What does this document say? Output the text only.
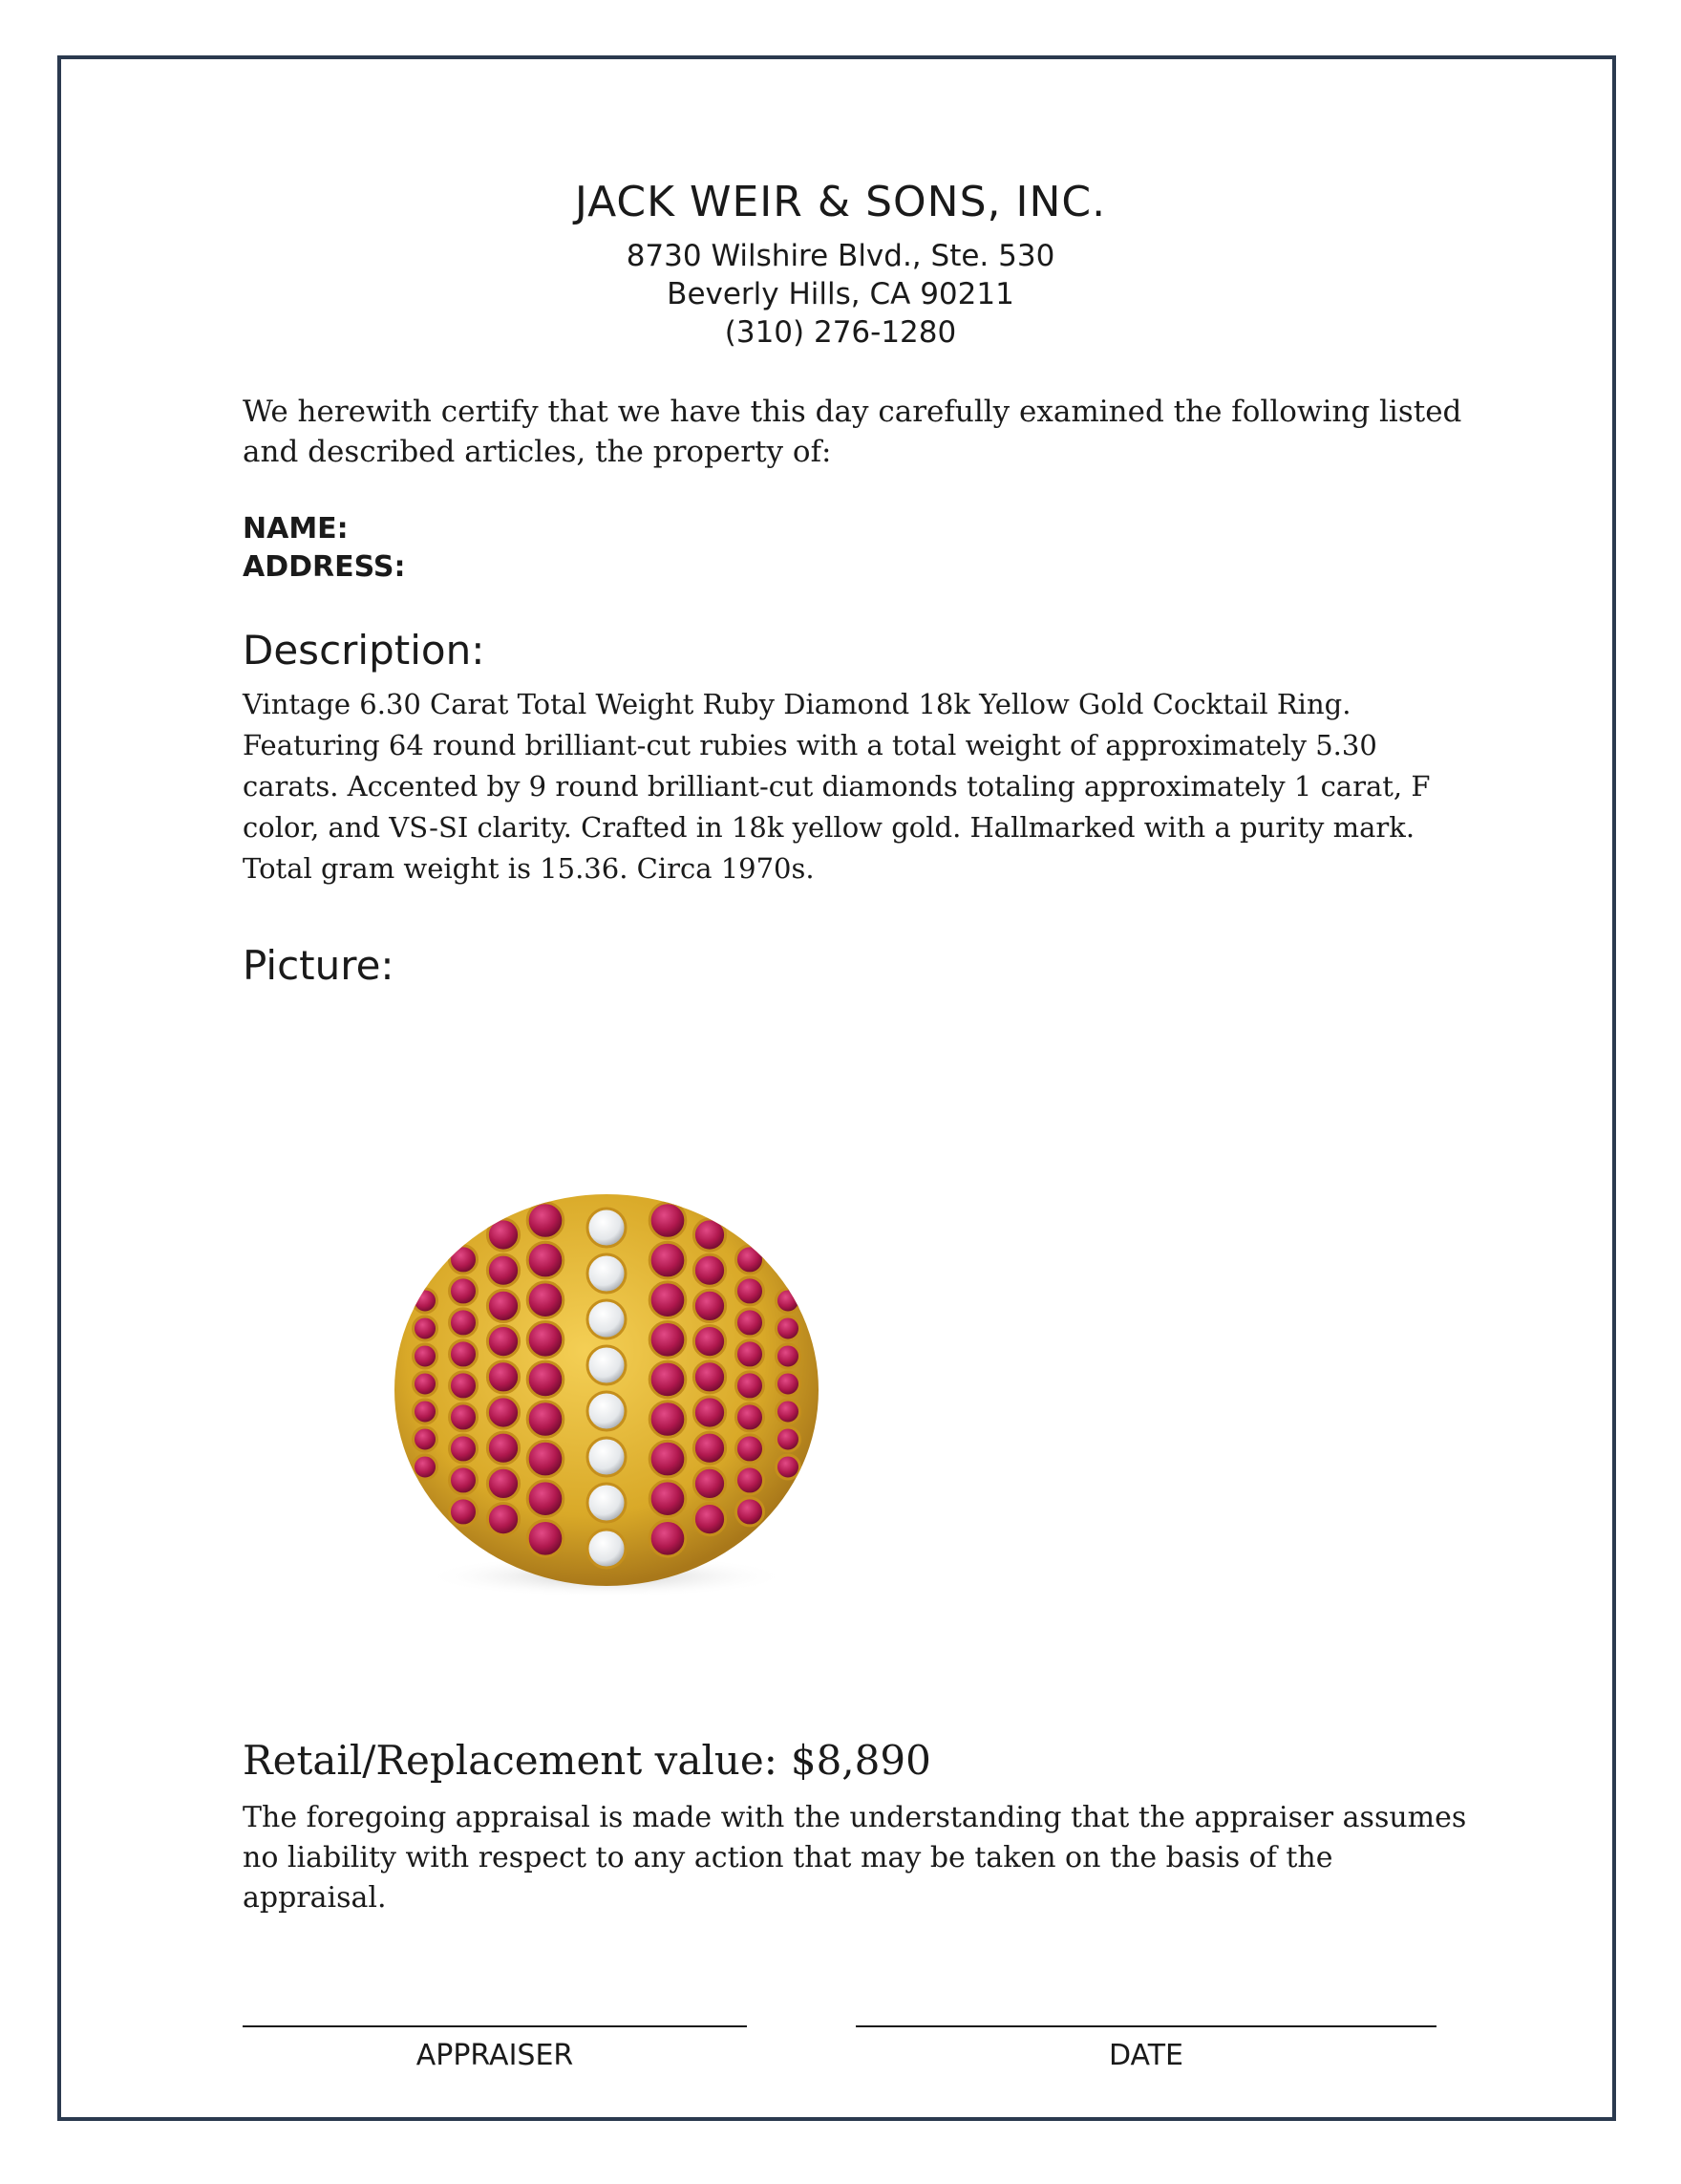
JACK WEIR & SONS, INC.
8730 Wilshire Blvd., Ste. 530
Beverly Hills, CA 90211
(310) 276-1280
We herewith certify that we have this day carefully examined the following listed and described articles, the property of:
NAME:
ADDRESS:
Description:
Vintage 6.30 Carat Total Weight Ruby Diamond 18k Yellow Gold Cocktail Ring. Featuring 64 round brilliant-cut rubies with a total weight of approximately 5.30 carats. Accented by 9 round brilliant-cut diamonds totaling approximately 1 carat, F color, and VS-SI clarity. Crafted in 18k yellow gold. Hallmarked with a purity mark. Total gram weight is 15.36. Circa 1970s.
Picture:
Retail/Replacement value: $8,890
The foregoing appraisal is made with the understanding that the appraiser assumes no liability with respect to any action that may be taken on the basis of the appraisal.
APPRAISER	DATE
